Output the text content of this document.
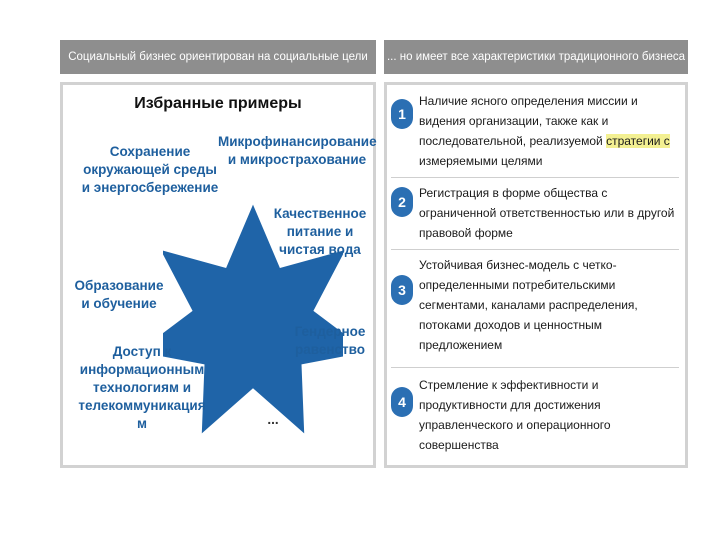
Социальный бизнес ориентирован на социальные цели	... но имеет все характеристики традиционного бизнеса
Избранные примеры
Сохранение
окружающей среды
и энергосбережение
Микрофинансирование
и микрострахование
Качественное
питание и
чистая вода
Образование
и обучение
Гендерное
равенство
Доступ к
информационным
технологиям и
телекоммуникация
м	...
1
Наличие ясного определения миссии и видения организации, также как и последовательной, реализуемой стратегии с измеряемыми целями
2
Регистрация в форме общества с ограниченной ответственностью или в другой правовой форме
3
Устойчивая бизнес-модель с четко-определенными потребительскими сегментами, каналами распределения, потоками доходов и ценностным предложением
4
Стремление к эффективности и продуктивности для достижения управленческого и операционного совершенства
